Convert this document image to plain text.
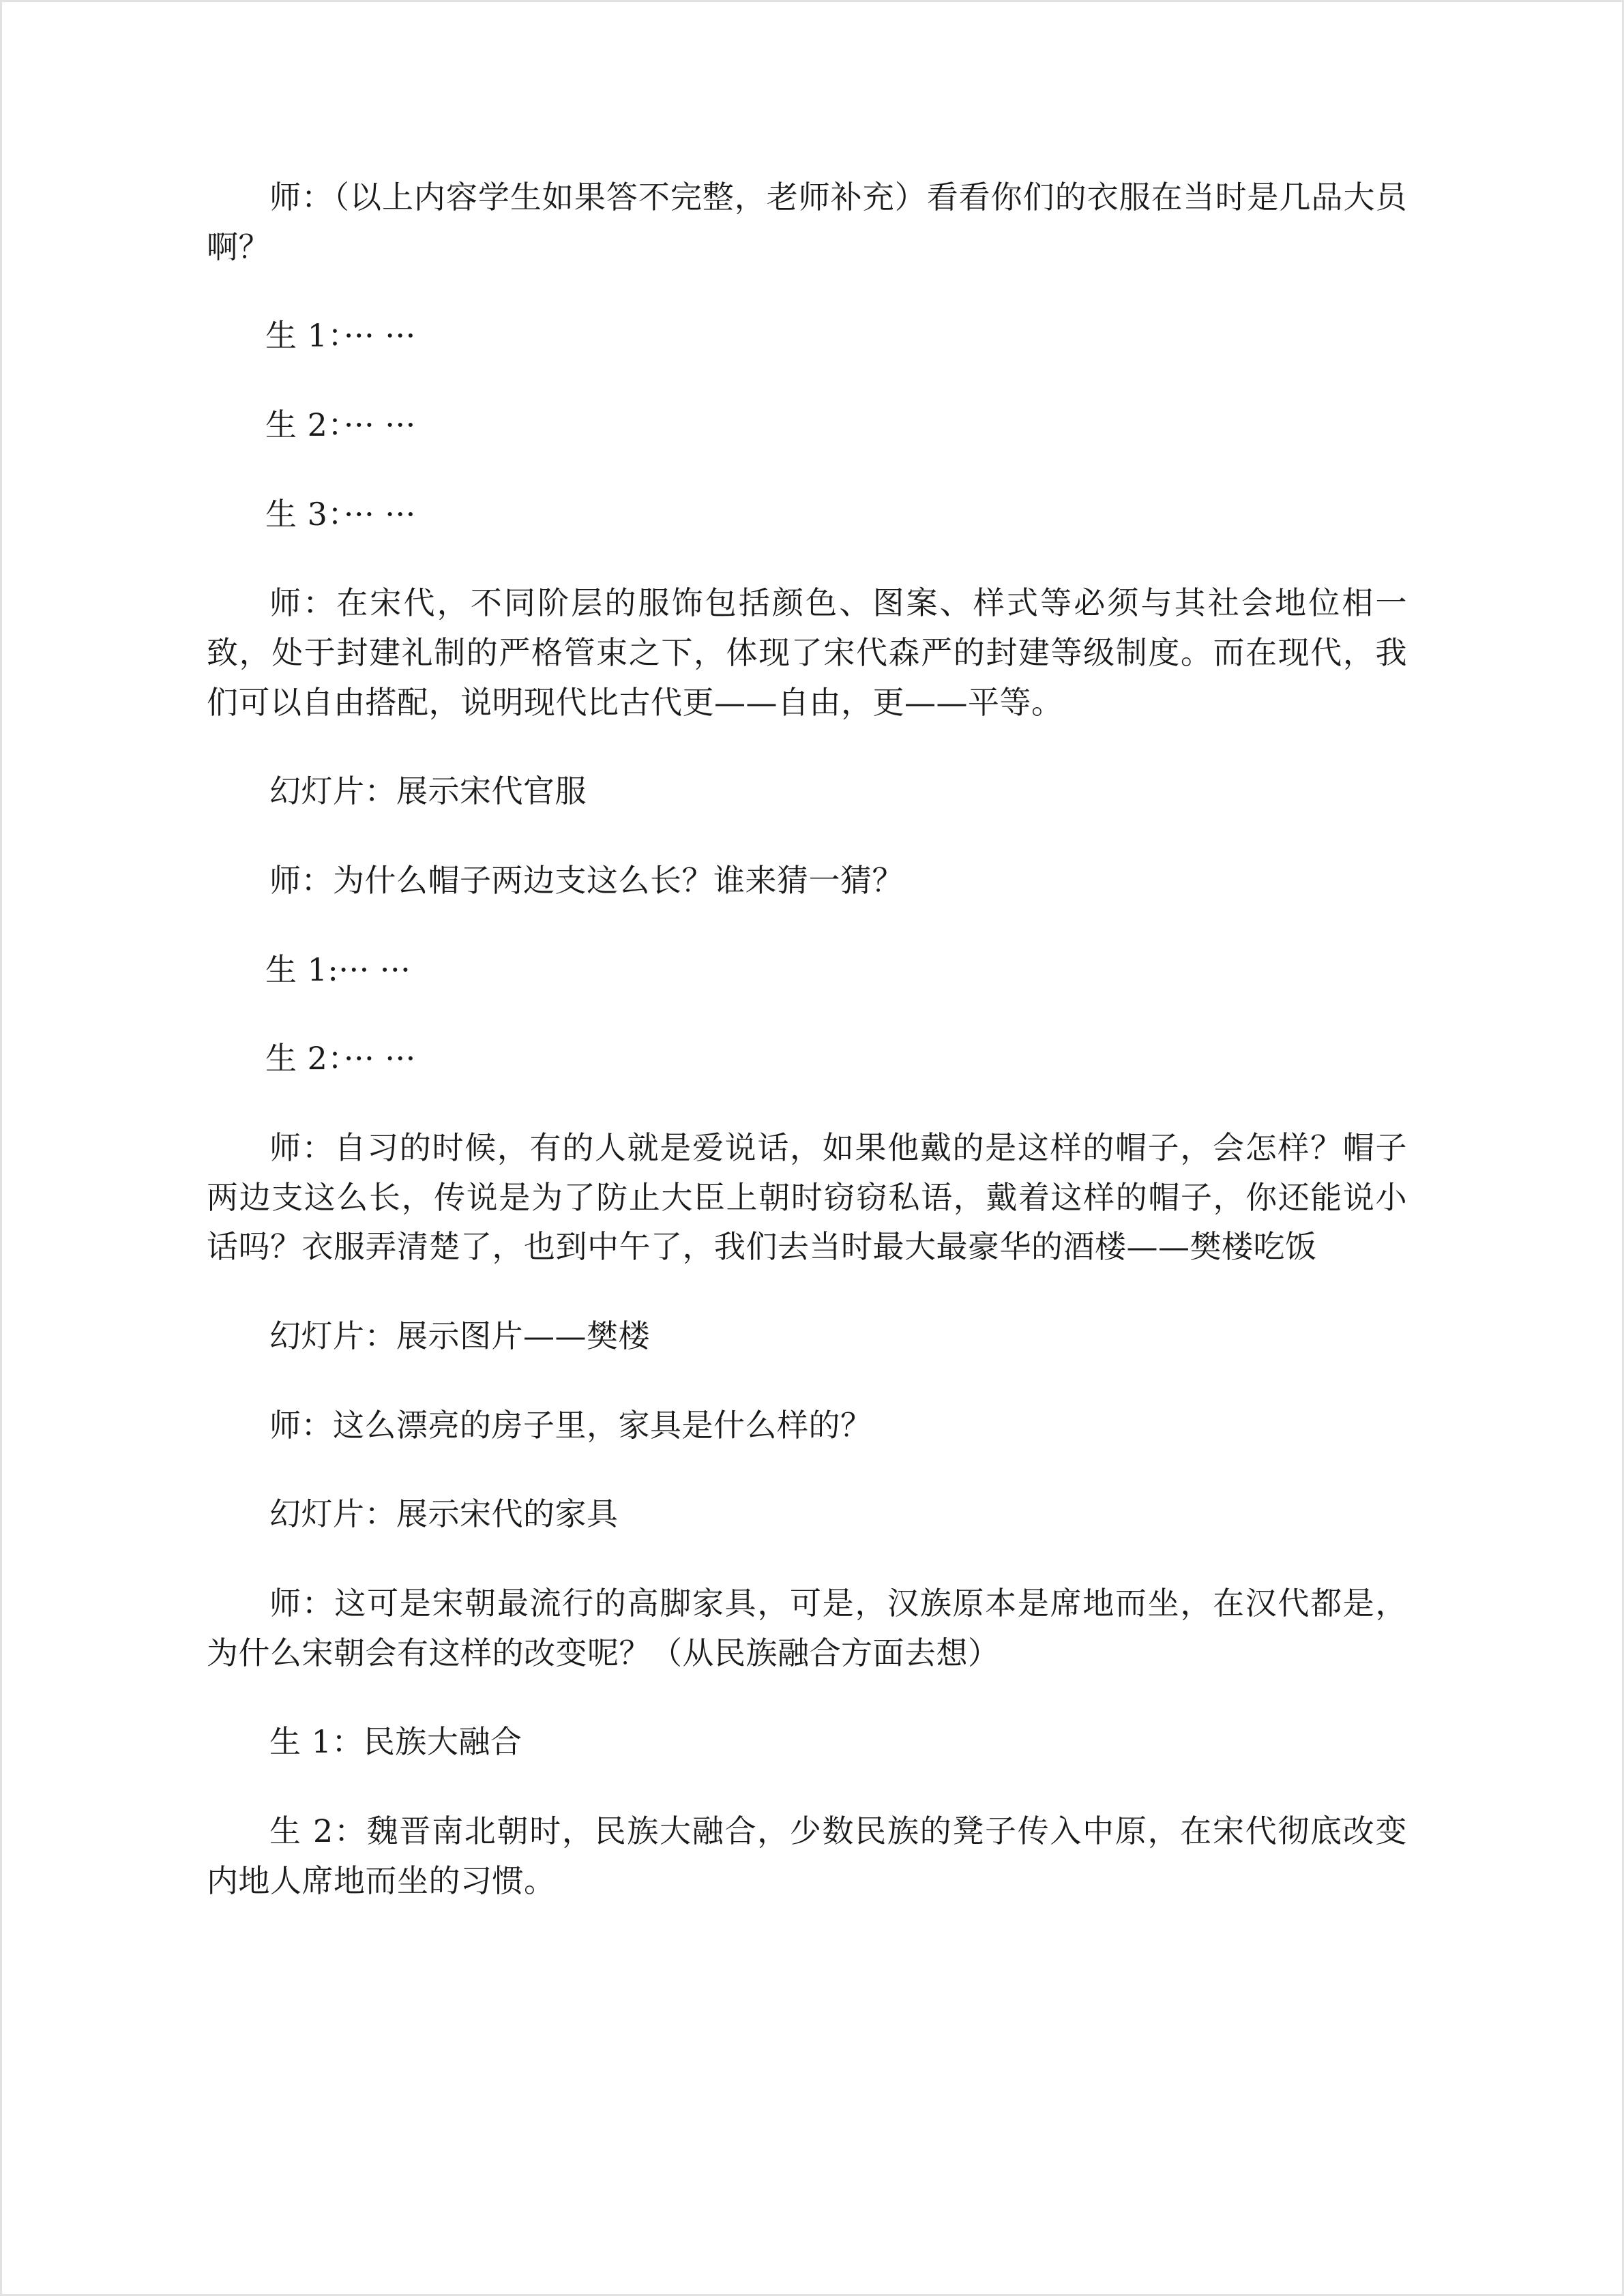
师：（以上内容学生如果答不完整，老师补充）看看你们的衣服在当时是几品大员啊？

生 1：··· ···

生 2：··· ···

生 3：··· ···

师：在宋代，不同阶层的服饰包括颜色、图案、样式等必须与其社会地位相一致，处于封建礼制的严格管束之下，体现了宋代森严的封建等级制度。而在现代，我们可以自由搭配，说明现代比古代更——自由，更——平等。

幻灯片：展示宋代官服

师：为什么帽子两边支这么长？谁来猜一猜？

生 1:··· ···

生 2：··· ···

师：自习的时候，有的人就是爱说话，如果他戴的是这样的帽子，会怎样？帽子两边支这么长，传说是为了防止大臣上朝时窃窃私语，戴着这样的帽子，你还能说小话吗？衣服弄清楚了，也到中午了，我们去当时最大最豪华的酒楼——樊楼吃饭

幻灯片：展示图片——樊楼

师：这么漂亮的房子里，家具是什么样的？

幻灯片：展示宋代的家具

师：这可是宋朝最流行的高脚家具，可是，汉族原本是席地而坐，在汉代都是，为什么宋朝会有这样的改变呢？（从民族融合方面去想）

生 1：民族大融合

生 2：魏晋南北朝时，民族大融合，少数民族的凳子传入中原，在宋代彻底改变内地人席地而坐的习惯。
